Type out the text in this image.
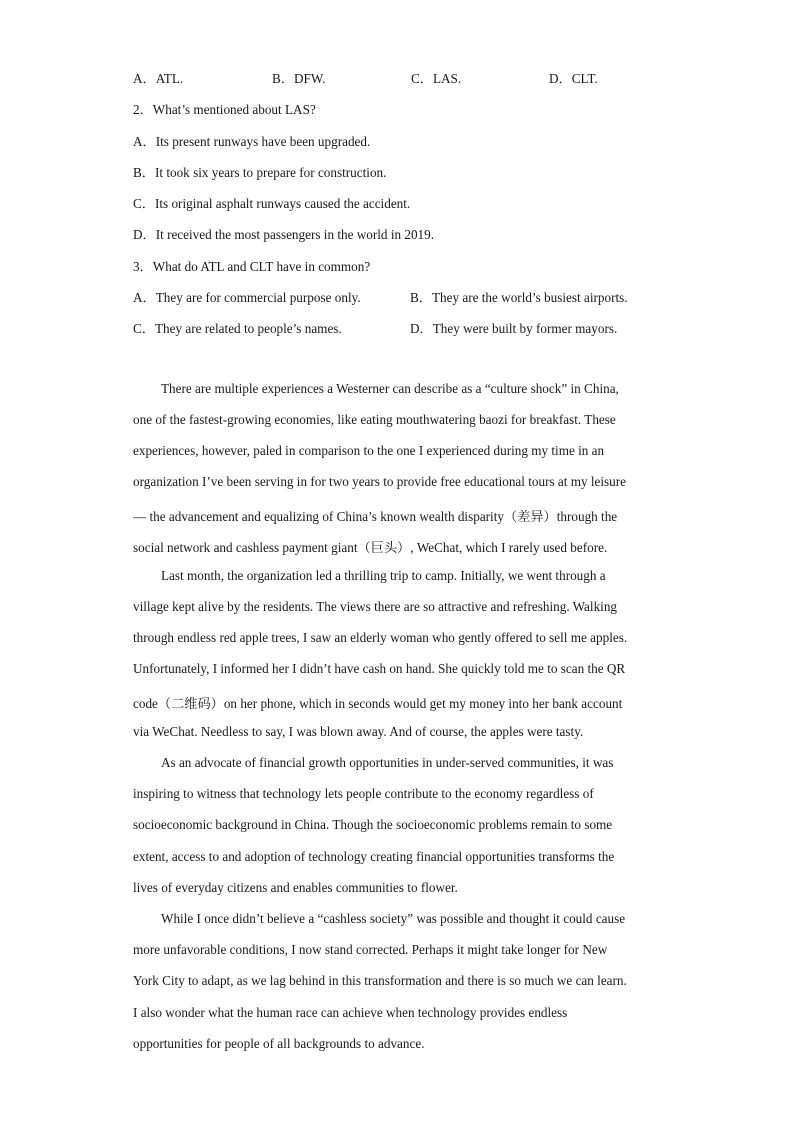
A．ATL.	B．DFW.	C．LAS.	D．CLT.
2．What’s mentioned about LAS?
A．Its present runways have been upgraded.
B．It took six years to prepare for construction.
C．Its original asphalt runways caused the accident.
D．It received the most passengers in the world in 2019.
3．What do ATL and CLT have in common?
A．They are for commercial purpose only.	B．They are the world’s busiest airports.
C．They are related to people’s names.	D．They were built by former mayors.
There are multiple experiences a Westerner can describe as a “culture shock” in China,
one of the fastest-growing economies, like eating mouthwatering baozi for breakfast. These
experiences, however, paled in comparison to the one I experienced during my time in an
organization I’ve been serving in for two years to provide free educational tours at my leisure
— the advancement and equalizing of China’s known wealth disparity（差异）through the
social network and cashless payment giant（巨头）, WeChat, which I rarely used before.
Last month, the organization led a thrilling trip to camp. Initially, we went through a
village kept alive by the residents. The views there are so attractive and refreshing. Walking
through endless red apple trees, I saw an elderly woman who gently offered to sell me apples.
Unfortunately, I informed her I didn’t have cash on hand. She quickly told me to scan the QR
code（二维码）on her phone, which in seconds would get my money into her bank account
via WeChat. Needless to say, I was blown away. And of course, the apples were tasty.
As an advocate of financial growth opportunities in under-served communities, it was
inspiring to witness that technology lets people contribute to the economy regardless of
socioeconomic background in China. Though the socioeconomic problems remain to some
extent, access to and adoption of technology creating financial opportunities transforms the
lives of everyday citizens and enables communities to flower.
While I once didn’t believe a “cashless society” was possible and thought it could cause
more unfavorable conditions, I now stand corrected. Perhaps it might take longer for New
York City to adapt, as we lag behind in this transformation and there is so much we can learn.
I also wonder what the human race can achieve when technology provides endless
opportunities for people of all backgrounds to advance.
